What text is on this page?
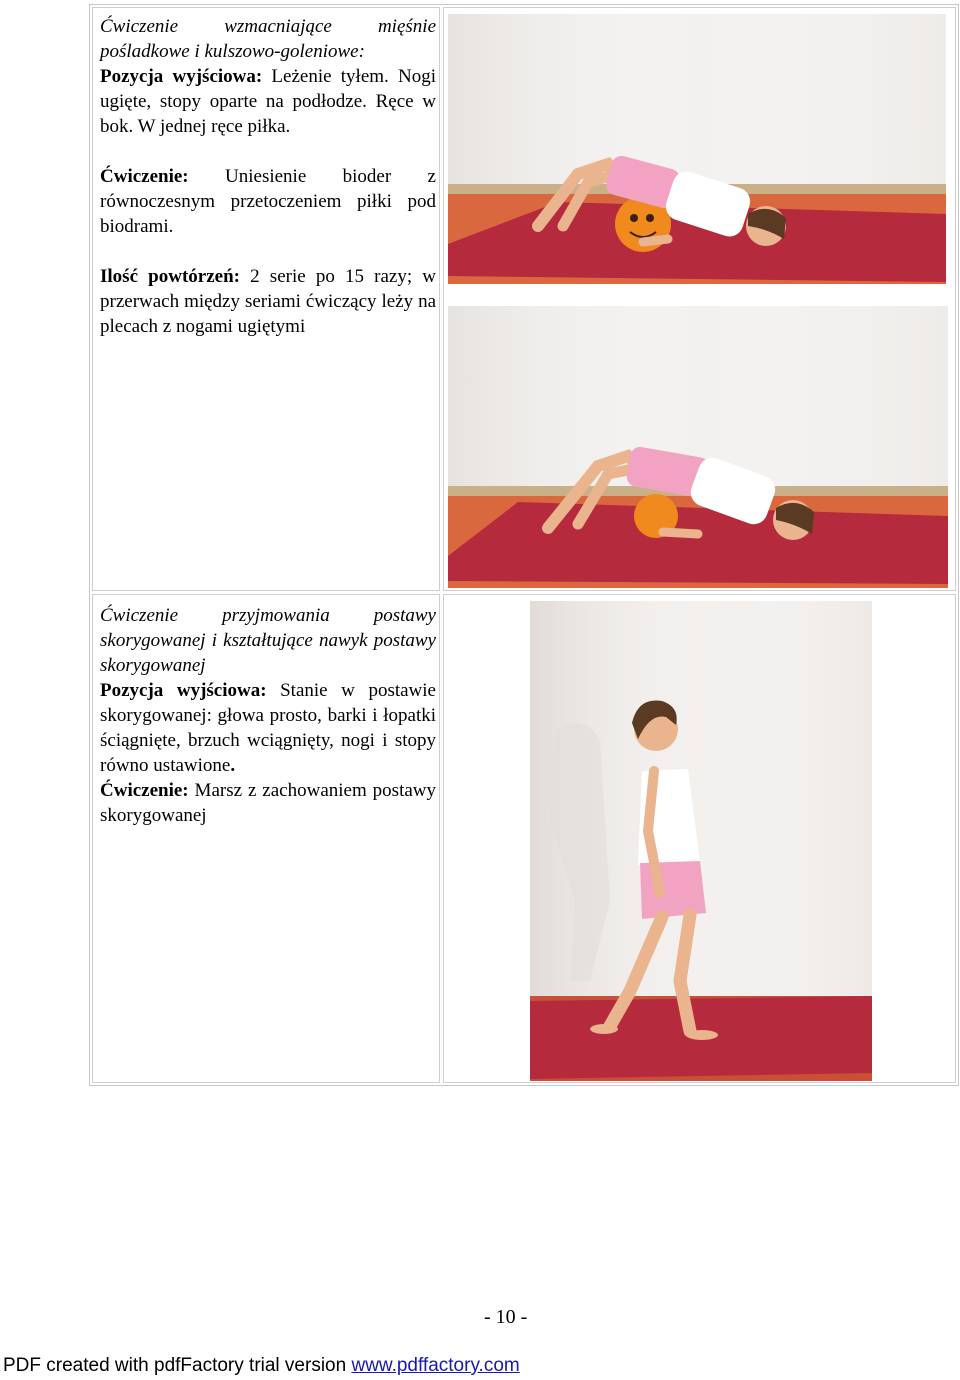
Ćwiczenie wzmacniające mięśnie pośladkowe i kulszowo-goleniowe:

Pozycja wyjściowa: Leżenie tyłem. Nogi ugięte, stopy oparte na podłodze. Ręce w bok. W jednej ręce piłka.

Ćwiczenie: Uniesienie bioder z równoczesnym przetoczeniem piłki pod biodrami.

Ilość powtórzeń: 2 serie po 15 razy; w przerwach między seriami ćwiczący leży na plecach z nogami ugiętymi

Ćwiczenie przyjmowania postawy skorygowanej i kształtujące nawyk postawy skorygowanej

Pozycja wyjściowa: Stanie w postawie skorygowanej: głowa prosto, barki i łopatki ściągnięte, brzuch wciągnięty, nogi i stopy równo ustawione.

Ćwiczenie: Marsz z zachowaniem postawy skorygowanej

- 10 -
PDF created with pdfFactory trial version www.pdffactory.com
